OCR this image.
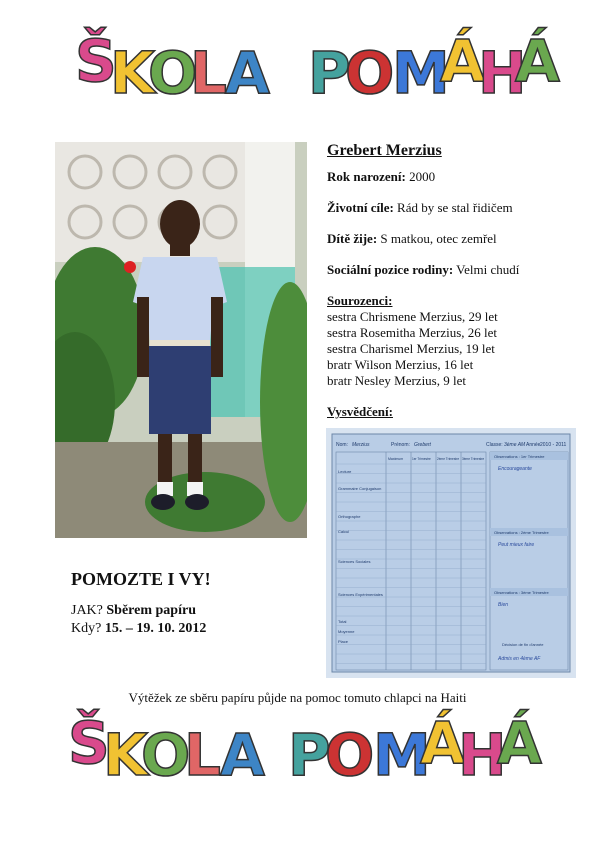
Š
K
O
L
A P
O
M
Á
H
Á
Grebert Merzius
Rok narození: 2000
Životní cíle: Rád by se stal řidičem
Dítě žije: S matkou, otec zemřel
Sociální pozice rodiny: Velmi chudí
Sourozenci:
sestra Chrismene Merzius, 29 let
sestra Rosemitha Merzius, 26 let
sestra Charismel Merzius, 19 let
bratr Wilson Merzius, 16 let
bratr Nesley Merzius, 9 let
Vysvědčení:
Nom: Merzius	Prénom: Grebert	Classe: 3ème AM Année 2010 - 2011
Maximum	1er Trimestre 2ème Trimestre 3ème Trimestre
Lecture
Grammaire Conjugaison
Orthographe
Calcul
Sciences Sociales
Sciences Expérimentales
Total
Moyenne
Place
Observations : 1er Trimestre
Encourageante
Observations : 2ème Trimestre
Peut mieux faire
Observations : 3ème Trimestre
Bien
Décision de fin d'année
Admis en 4ème AF
POMOZTE I VY!
JAK? Sběrem papíru
Kdy? 15. – 19. 10. 2012
Výtěžek ze sběru papíru půjde na pomoc tomuto chlapci na Haiti
Š
K
O
L A P
O
M
Á
H
Á
